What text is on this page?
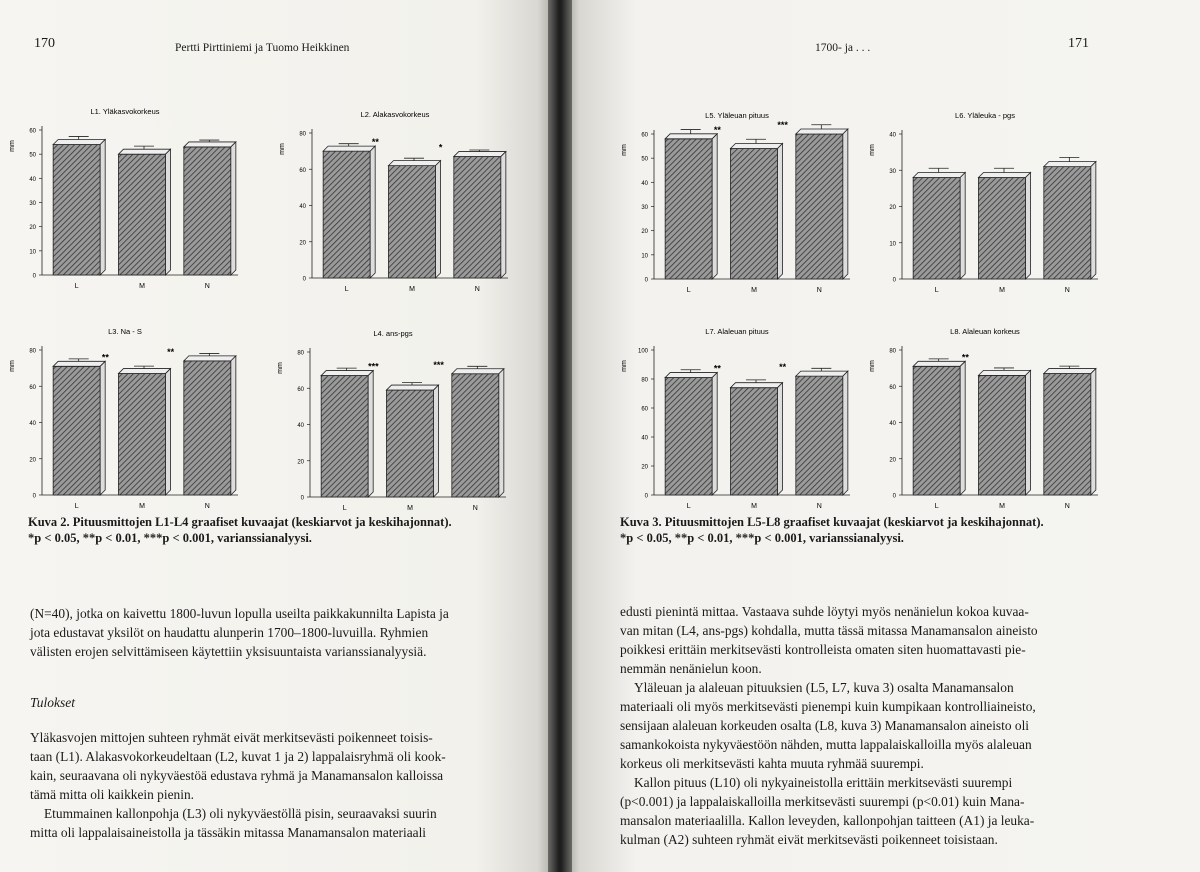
170	Pertti Pirttiniemi ja Tuomo Heikkinen
L1. Yläkasvokorkeus
mm
0
10
20
30
40
50
60
L	M	N
L2. Alakasvokorkeus
mm
0
20
40
60
80
L	M	N
**
*
L3. Na - S
mm
0
20
40
60
80
L	M	N
**
**
L4. ans-pgs
mm
0
20
40
60
80
L	M	N
***	***
Kuva 2. Pituusmittojen L1-L4 graafiset kuvaajat (keskiarvot ja keskihajonnat).
*p < 0.05, **p < 0.01, ***p < 0.001, varianssianalyysi.
(N=40), jotka on kaivettu 1800-luvun lopulla useilta paikkakunnilta Lapista ja
jota edustavat yksilöt on haudattu alunperin 1700–1800-luvuilla. Ryhmien
välisten erojen selvittämiseen käytettiin yksisuuntaista varianssianalyysiä.
Tulokset
Yläkasvojen mittojen suhteen ryhmät eivät merkitsevästi poikenneet toisis-
taan (L1). Alakasvokorkeudeltaan (L2, kuvat 1 ja 2) lappalaisryhmä oli kook-
kain, seuraavana oli nykyväestöä edustava ryhmä ja Manamansalon kalloissa
tämä mitta oli kaikkein pienin.
Etummainen kallonpohja (L3) oli nykyväestöllä pisin, seuraavaksi suurin
mitta oli lappalaisaineistolla ja tässäkin mitassa Manamansalon materiaali
171
1700- ja . . .
L5. Yläleuan pituus
mm
0
10
20
30
40
50
60
L	M	N
**	***
L6. Yläleuka - pgs
mm
0
10
20
30
40
L	M	N
L7. Alaleuan pituus
mm
0
20
40
60
80
100
L	M	N
**	**
L8. Alaleuan korkeus
mm
0
20
40
60
80
L	M	N
**
Kuva 3. Pituusmittojen L5-L8 graafiset kuvaajat (keskiarvot ja keskihajonnat).
*p < 0.05, **p < 0.01, ***p < 0.001, varianssianalyysi.
edusti pienintä mittaa. Vastaava suhde löytyi myös nenänielun kokoa kuvaa-
van mitan (L4, ans-pgs) kohdalla, mutta tässä mitassa Manamansalon aineisto
poikkesi erittäin merkitsevästi kontrolleista omaten siten huomattavasti pie-
nemmän nenänielun koon.
Yläleuan ja alaleuan pituuksien (L5, L7, kuva 3) osalta Manamansalon
materiaali oli myös merkitsevästi pienempi kuin kumpikaan kontrolliaineisto,
sensijaan alaleuan korkeuden osalta (L8, kuva 3) Manamansalon aineisto oli
samankokoista nykyväestöön nähden, mutta lappalaiskalloilla myös alaleuan
korkeus oli merkitsevästi kahta muuta ryhmää suurempi.
Kallon pituus (L10) oli nykyaineistolla erittäin merkitsevästi suurempi
(p<0.001) ja lappalaiskalloilla merkitsevästi suurempi (p<0.01) kuin Mana-
mansalon materiaalilla. Kallon leveyden, kallonpohjan taitteen (A1) ja leuka-
kulman (A2) suhteen ryhmät eivät merkitsevästi poikenneet toisistaan.
